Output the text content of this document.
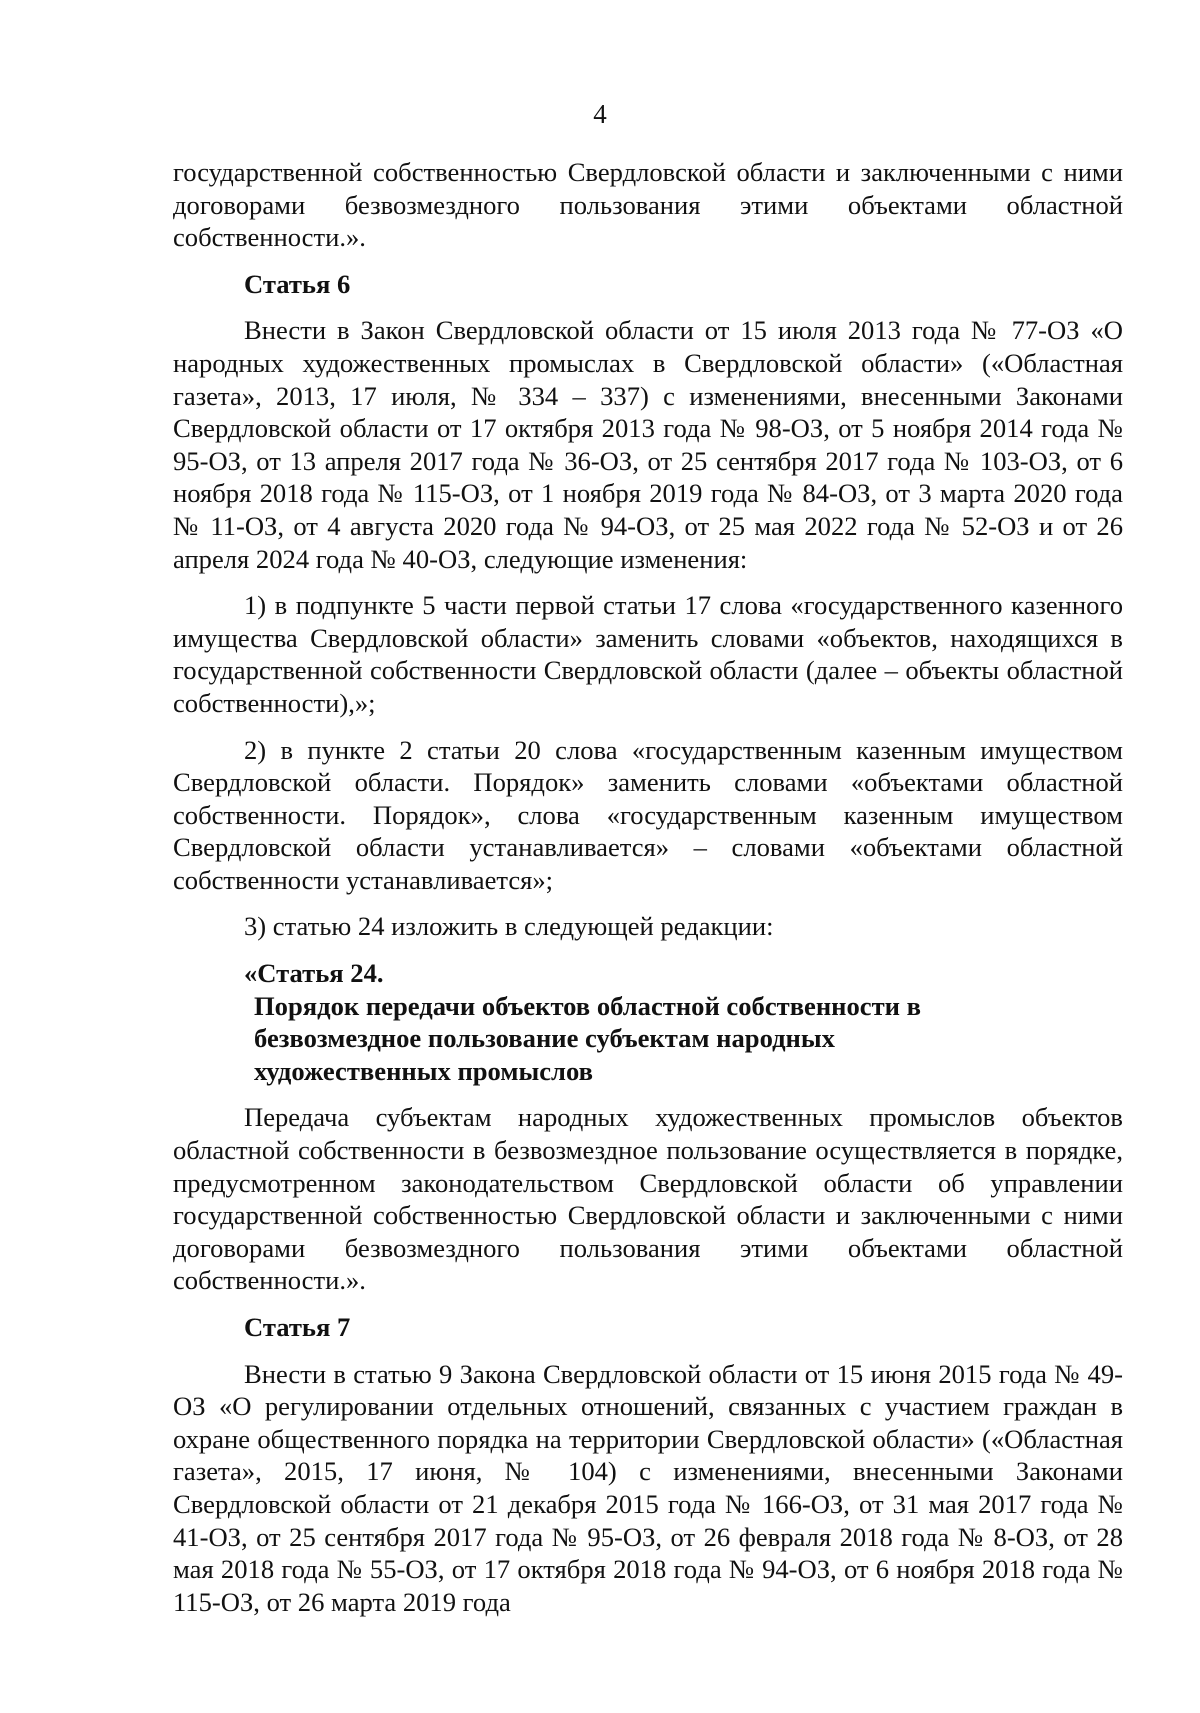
4

государственной собственностью Свердловской области и заключенными с ними договорами безвозмездного пользования этими объектами областной собственности.».

Статья 6

Внести в Закон Свердловской области от 15 июля 2013 года № 77-ОЗ «О народных художественных промыслах в Свердловской области» («Областная газета», 2013, 17 июля, № 334 – 337) с изменениями, внесенными Законами Свердловской области от 17 октября 2013 года № 98-ОЗ, от 5 ноября 2014 года № 95-ОЗ, от 13 апреля 2017 года № 36-ОЗ, от 25 сентября 2017 года № 103-ОЗ, от 6 ноября 2018 года № 115-ОЗ, от 1 ноября 2019 года № 84-ОЗ, от 3 марта 2020 года № 11-ОЗ, от 4 августа 2020 года № 94-ОЗ, от 25 мая 2022 года № 52-ОЗ и от 26 апреля 2024 года № 40-ОЗ, следующие изменения:

1) в подпункте 5 части первой статьи 17 слова «государственного казенного имущества Свердловской области» заменить словами «объектов, находящихся в государственной собственности Свердловской области (далее – объекты областной собственности),»;

2) в пункте 2 статьи 20 слова «государственным казенным имуществом Свердловской области. Порядок» заменить словами «объектами областной собственности. Порядок», слова «государственным казенным имуществом Свердловской области устанавливается» – словами «объектами областной собственности устанавливается»;

3) статью 24 изложить в следующей редакции:

«Статья 24. Порядок передачи объектов областной собственности в безвозмездное пользование субъектам народных художественных промыслов

Передача субъектам народных художественных промыслов объектов областной собственности в безвозмездное пользование осуществляется в порядке, предусмотренном законодательством Свердловской области об управлении государственной собственностью Свердловской области и заключенными с ними договорами безвозмездного пользования этими объектами областной собственности.».

Статья 7

Внести в статью 9 Закона Свердловской области от 15 июня 2015 года № 49-ОЗ «О регулировании отдельных отношений, связанных с участием граждан в охране общественного порядка на территории Свердловской области» («Областная газета», 2015, 17 июня, № 104) с изменениями, внесенными Законами Свердловской области от 21 декабря 2015 года № 166-ОЗ, от 31 мая 2017 года № 41-ОЗ, от 25 сентября 2017 года № 95-ОЗ, от 26 февраля 2018 года № 8-ОЗ, от 28 мая 2018 года № 55-ОЗ, от 17 октября 2018 года № 94-ОЗ, от 6 ноября 2018 года № 115-ОЗ, от 26 марта 2019 года
